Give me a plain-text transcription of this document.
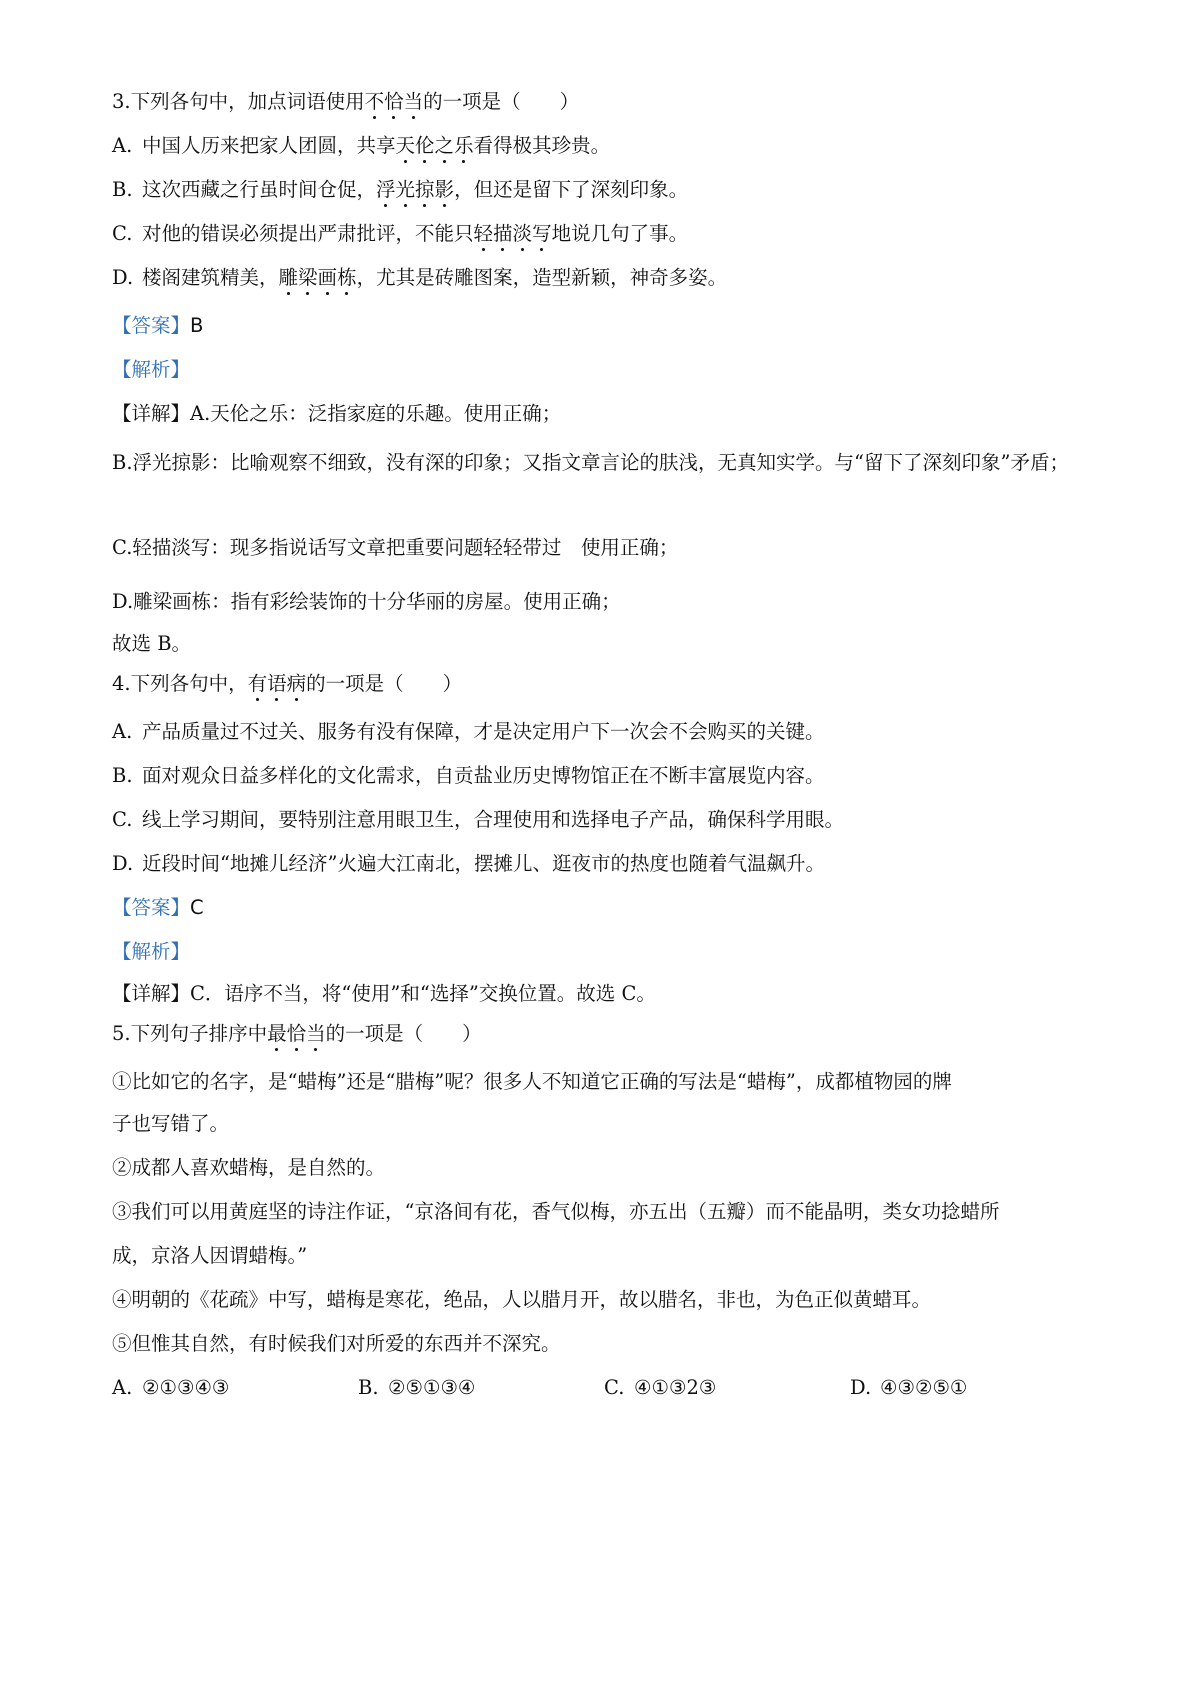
3.下列各句中，加点词语使用不恰当的一项是（　　）
A. 中国人历来把家人团圆，共享天伦之乐看得极其珍贵。
B. 这次西藏之行虽时间仓促，浮光掠影，但还是留下了深刻印象。
C. 对他的错误必须提出严肃批评，不能只轻描淡写地说几句了事。
D. 楼阁建筑精美，雕梁画栋，尤其是砖雕图案，造型新颖，神奇多姿。
【答案】B
【解析】
【详解】A.天伦之乐：泛指家庭的乐趣。使用正确；
B.浮光掠影：比喻观察不细致，没有深的印象；又指文章言论的肤浅，无真知实学。与“留下了深刻印象”矛盾；
C.轻描淡写：现多指说话写文章把重要问题轻轻带过　使用正确；
D.雕梁画栋：指有彩绘装饰的十分华丽的房屋。使用正确；
故选 B。
4.下列各句中，有语病的一项是（　　）
A. 产品质量过不过关、服务有没有保障，才是决定用户下一次会不会购买的关键。
B. 面对观众日益多样化的文化需求，自贡盐业历史博物馆正在不断丰富展览内容。
C. 线上学习期间，要特别注意用眼卫生，合理使用和选择电子产品，确保科学用眼。
D. 近段时间“地摊儿经济”火遍大江南北，摆摊儿、逛夜市的热度也随着气温飙升。
【答案】C
【解析】
【详解】C．语序不当，将“使用”和“选择”交换位置。故选 C。
5.下列句子排序中最恰当的一项是（　　）
①比如它的名字，是“蜡梅”还是“腊梅”呢？很多人不知道它正确的写法是“蜡梅”，成都植物园的牌
子也写错了。
②成都人喜欢蜡梅，是自然的。
③我们可以用黄庭坚的诗注作证，“京洛间有花，香气似梅，亦五出（五瓣）而不能晶明，类女功捻蜡所
成，京洛人因谓蜡梅。”
④明朝的《花疏》中写，蜡梅是寒花，绝品，人以腊月开，故以腊名，非也，为色正似黄蜡耳。
⑤但惟其自然，有时候我们对所爱的东西并不深究。
A. ②①③④③	B. ②⑤①③④	C. ④①③2③	D. ④③②⑤①
